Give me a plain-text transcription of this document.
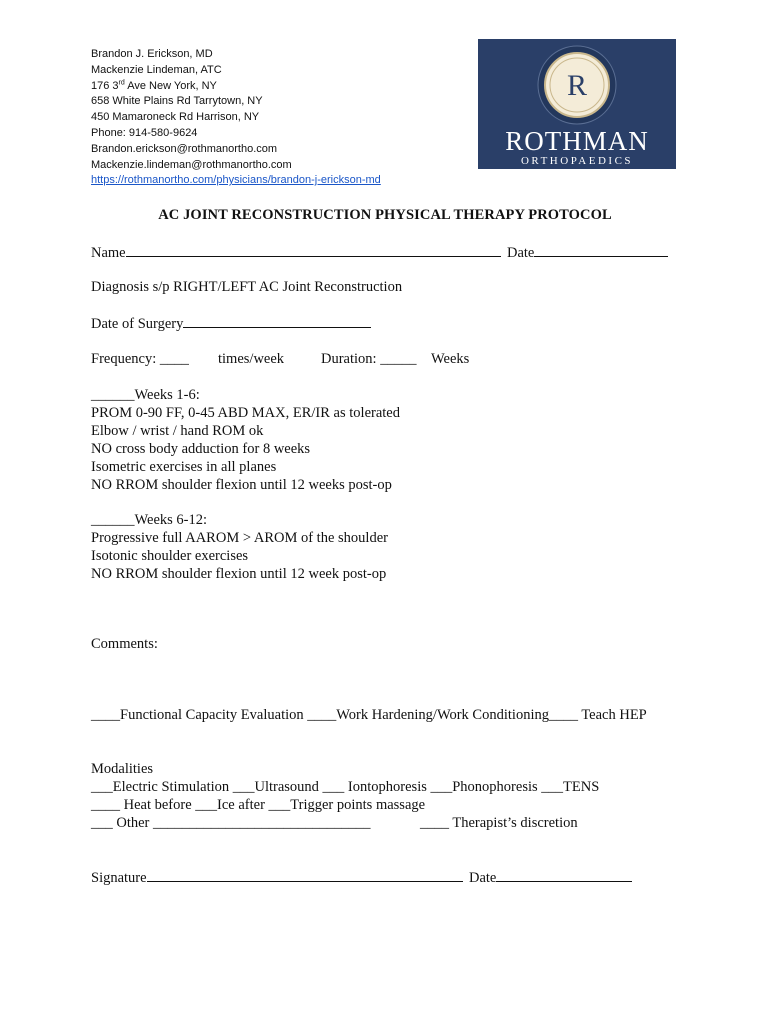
Brandon J. Erickson, MD
Mackenzie Lindeman, ATC
176 3rd Ave New York, NY
658 White Plains Rd Tarrytown, NY
450 Mamaroneck Rd Harrison, NY
Phone: 914-580-9624
Brandon.erickson@rothmanortho.com
Mackenzie.lindeman@rothmanortho.com
https://rothmanortho.com/physicians/brandon-j-erickson-md
R
ROTHMAN
ORTHOPAEDICS
AC JOINT RECONSTRUCTION PHYSICAL THERAPY PROTOCOL
Name	Date
Diagnosis s/p RIGHT/LEFT AC Joint Reconstruction
Date of Surgery
Frequency: ____ times/week	Duration: _____ Weeks
______Weeks 1-6:
PROM 0-90 FF, 0-45 ABD MAX, ER/IR as tolerated
Elbow / wrist / hand ROM ok
NO cross body adduction for 8 weeks
Isometric exercises in all planes
NO RROM shoulder flexion until 12 weeks post-op
______Weeks 6-12:
Progressive full AAROM > AROM of the shoulder
Isotonic shoulder exercises
NO RROM shoulder flexion until 12 week post-op
Comments:
____Functional Capacity Evaluation ____Work Hardening/Work Conditioning____ Teach HEP
Modalities
___Electric Stimulation ___Ultrasound ___ Iontophoresis ___Phonophoresis ___TENS
____ Heat before ___Ice after ___Trigger points massage
___ Other ______________________________	____ Therapist’s discretion
Signature	Date
